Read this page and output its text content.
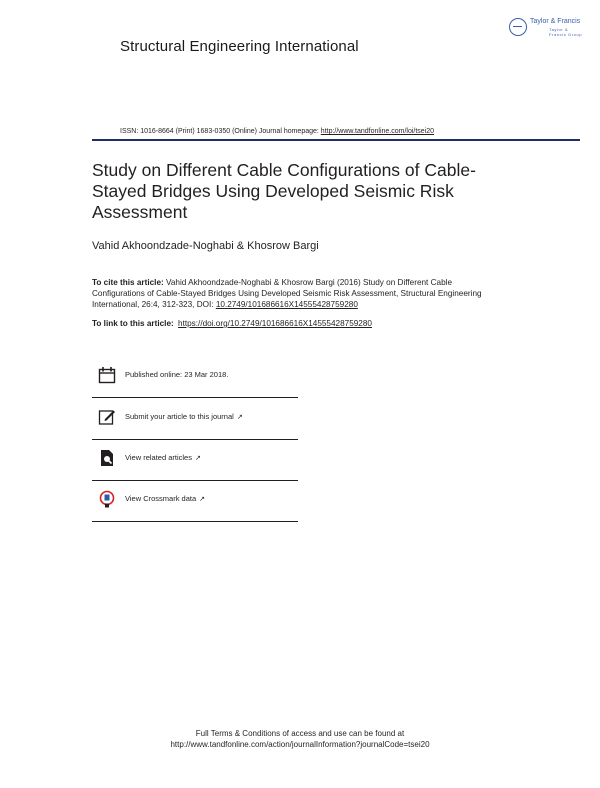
Structural Engineering International
Taylor & Francis
Taylor & Francis Group
ISSN: 1016-8664 (Print) 1683-0350 (Online) Journal homepage: http://www.tandfonline.com/loi/tsei20
Study on Different Cable Configurations of Cable-Stayed Bridges Using Developed Seismic Risk Assessment
Vahid Akhoondzade-Noghabi & Khosrow Bargi
To cite this article: Vahid Akhoondzade-Noghabi & Khosrow Bargi (2016) Study on Different Cable Configurations of Cable-Stayed Bridges Using Developed Seismic Risk Assessment, Structural Engineering International, 26:4, 312-323, DOI: 10.2749/101686616X14555428759280
To link to this article: https://doi.org/10.2749/101686616X14555428759280
Published online: 23 Mar 2018.
Submit your article to this journal ↗
View related articles ↗
View Crossmark data ↗
Full Terms & Conditions of access and use can be found at
http://www.tandfonline.com/action/journalInformation?journalCode=tsei20
